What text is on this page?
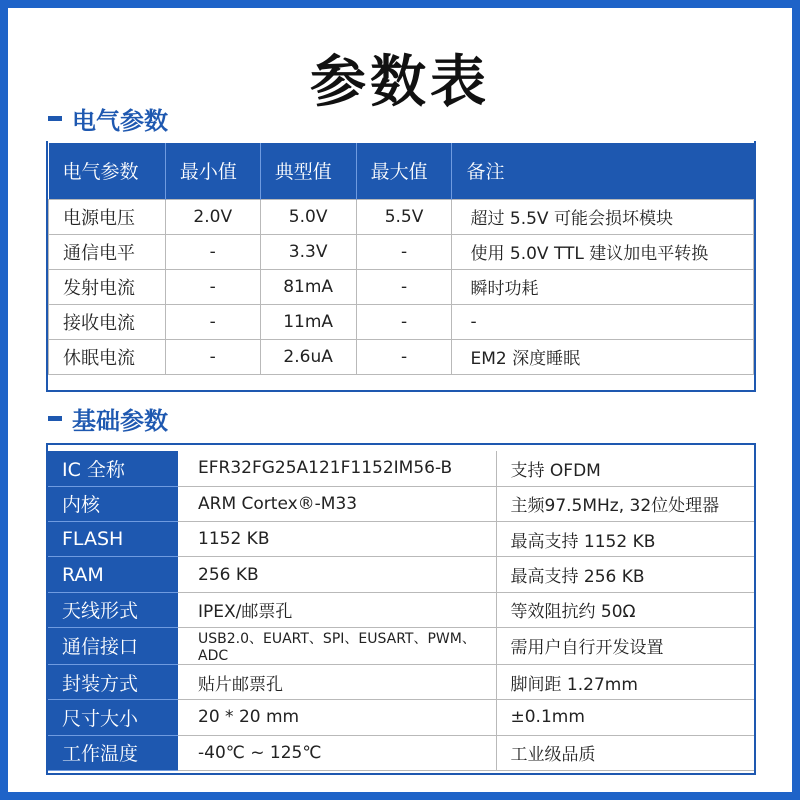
参数表
电气参数
电气参数	最小值	典型值	最大值	备注
电源电压	2.0V	5.0V	5.5V	超过 5.5V 可能会损坏模块
通信电平	-	3.3V	-	使用 5.0V TTL 建议加电平转换
发射电流	-	81mA	-	瞬时功耗
接收电流	-	11mA	-	-
休眠电流	-	2.6uA	-	EM2 深度睡眠
基础参数
IC 全称	EFR32FG25A121F1152IM56-B	支持 OFDM
内核	ARM Cortex®-M33	主频97.5MHz, 32位处理器
FLASH	1152 KB	最高支持 1152 KB
RAM	256 KB	最高支持 256 KB
天线形式	IPEX/邮票孔	等效阻抗约 50Ω
通信接口	USB2.0、EUART、SPI、EUSART、PWM、ADC	需用户自行开发设置
封装方式	贴片邮票孔	脚间距 1.27mm
尺寸大小	20 * 20 mm	±0.1mm
工作温度	-40℃ ~ 125℃	工业级品质
